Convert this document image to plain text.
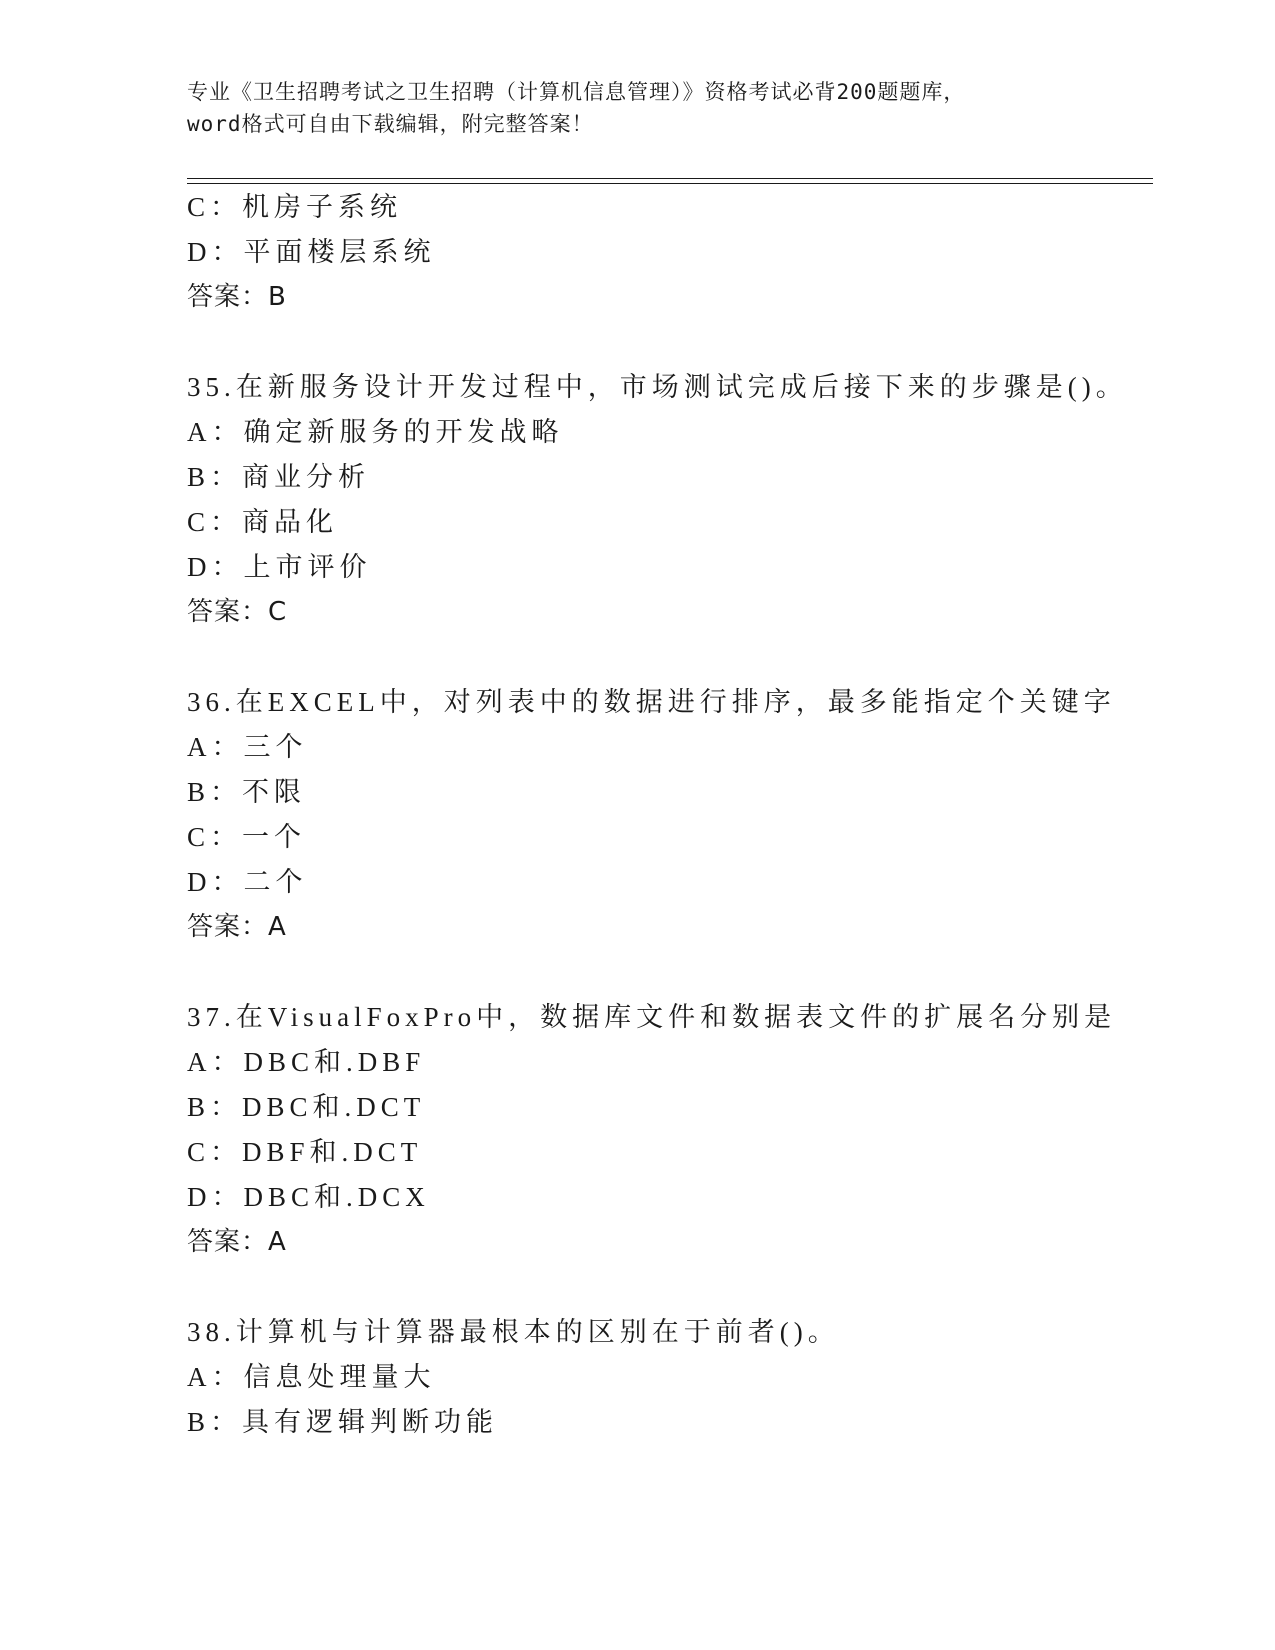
专业《卫生招聘考试之卫生招聘（计算机信息管理）》资格考试必背200题题库，
word格式可自由下载编辑，附完整答案！
C：机房子系统
D：平面楼层系统
答案：B
35.在新服务设计开发过程中，市场测试完成后接下来的步骤是()。
A：确定新服务的开发战略
B：商业分析
C：商品化
D：上市评价
答案：C
36.在EXCEL中，对列表中的数据进行排序，最多能指定个关键字
A：三个
B：不限
C：一个
D：二个
答案：A
37.在VisualFoxPro中，数据库文件和数据表文件的扩展名分别是
A：DBC和.DBF
B：DBC和.DCT
C：DBF和.DCT
D：DBC和.DCX
答案：A
38.计算机与计算器最根本的区别在于前者()。
A：信息处理量大
B：具有逻辑判断功能
